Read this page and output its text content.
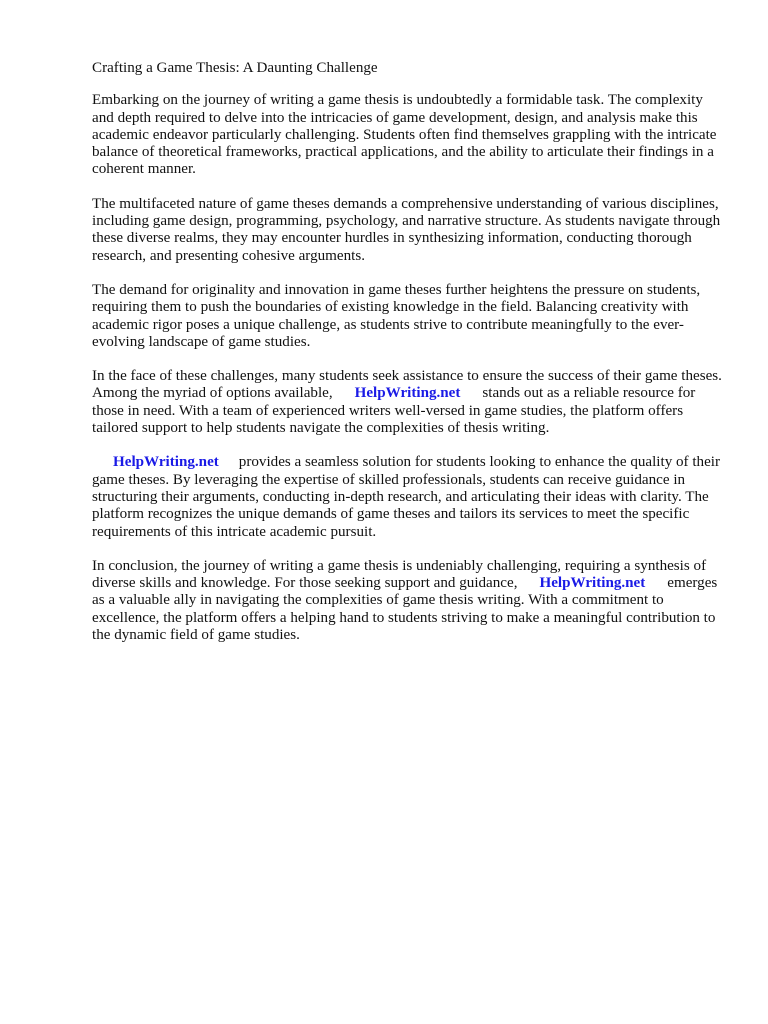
Crafting a Game Thesis: A Daunting Challenge

Embarking on the journey of writing a game thesis is undoubtedly a formidable task. The complexity and depth required to delve into the intricacies of game development, design, and analysis make this academic endeavor particularly challenging. Students often find themselves grappling with the intricate balance of theoretical frameworks, practical applications, and the ability to articulate their findings in a coherent manner.

The multifaceted nature of game theses demands a comprehensive understanding of various disciplines, including game design, programming, psychology, and narrative structure. As students navigate through these diverse realms, they may encounter hurdles in synthesizing information, conducting thorough research, and presenting cohesive arguments.

The demand for originality and innovation in game theses further heightens the pressure on students, requiring them to push the boundaries of existing knowledge in the field. Balancing creativity with academic rigor poses a unique challenge, as students strive to contribute meaningfully to the ever-evolving landscape of game studies.

In the face of these challenges, many students seek assistance to ensure the success of their game theses. Among the myriad of options available, HelpWriting.net stands out as a reliable resource for those in need. With a team of experienced writers well-versed in game studies, the platform offers tailored support to help students navigate the complexities of thesis writing.

HelpWriting.net provides a seamless solution for students looking to enhance the quality of their game theses. By leveraging the expertise of skilled professionals, students can receive guidance in structuring their arguments, conducting in-depth research, and articulating their ideas with clarity. The platform recognizes the unique demands of game theses and tailors its services to meet the specific requirements of this intricate academic pursuit.

In conclusion, the journey of writing a game thesis is undeniably challenging, requiring a synthesis of diverse skills and knowledge. For those seeking support and guidance, HelpWriting.net emerges as a valuable ally in navigating the complexities of game thesis writing. With a commitment to excellence, the platform offers a helping hand to students striving to make a meaningful contribution to the dynamic field of game studies.
